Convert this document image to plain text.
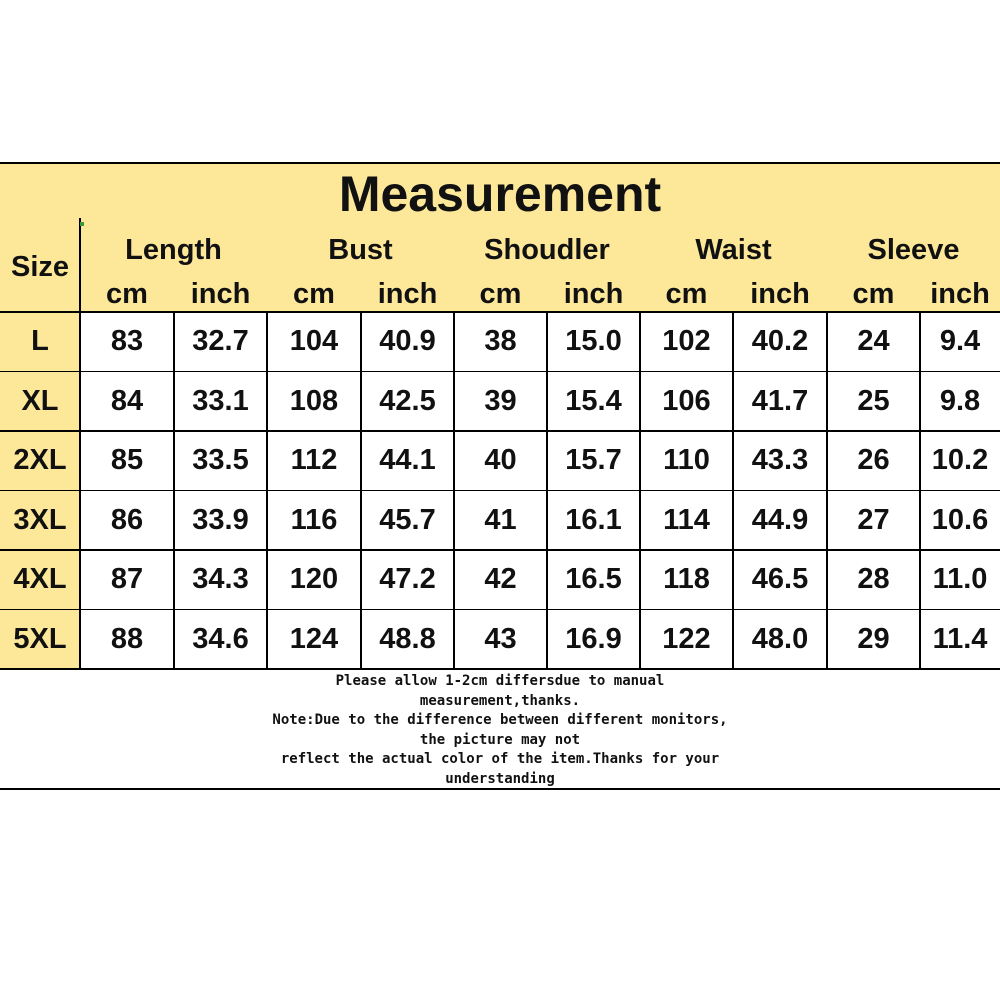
Measurement
Size
Length
cm	inch
Bust
cm	inch
Shoudler
cm	inch
Waist
cm	inch
Sleeve
cm	inch
L	83	32.7	104	40.9	38	15.0	102	40.2	24	9.4
XL	84	33.1	108	42.5	39	15.4	106	41.7	25	9.8
2XL	85	33.5	112	44.1	40	15.7	110	43.3	26	10.2
3XL	86	33.9	116	45.7	41	16.1	114	44.9	27	10.6
4XL	87	34.3	120	47.2	42	16.5	118	46.5	28	11.0
5XL	88	34.6	124	48.8	43	16.9	122	48.0	29	11.4
Please allow 1-2cm differsdue to manual
measurement,thanks.
Note:Due to the difference between different monitors,
the picture may not
reflect the actual color of the item.Thanks for your
understanding
